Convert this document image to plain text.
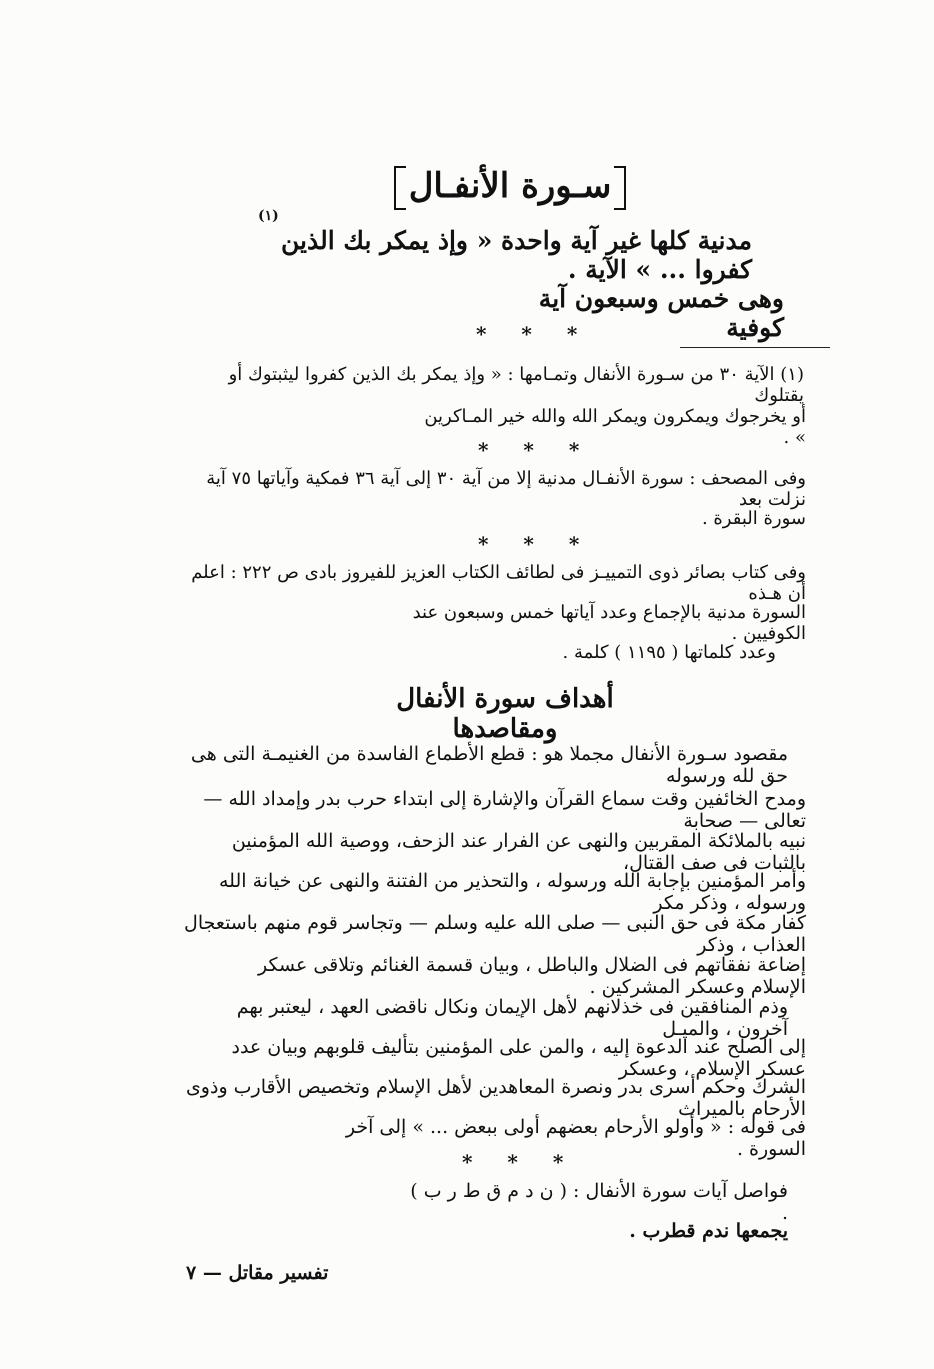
سـورة الأنفـال
(١)
مدنية كلها غير آية واحدة « وإذ يمكر بك الذين كفروا ... » الآية .
وهى خمس وسبعون آية كوفية
* * *
(١) الآية ٣٠ من سـورة الأنفال وتمـامها : « وإذ يمكر بك الذين كفروا ليثبتوك أو يقتلوك
أو يخرجوك ويمكرون ويمكر الله والله خير المـاكرين » .
* * *
وفى المصحف : سورة الأنفـال مدنية إلا من آية ٣٠ إلى آية ٣٦ فمكية وآياتها ٧٥ آية نزلت بعد
سورة البقرة .
* * *
وفى كتاب بصائر ذوى التمييـز فى لطائف الكتاب العزيز للفيروز بادى ص ٢٢٢ : اعلم أن هـذه
السورة مدنية بالإجماع وعدد آياتها خمس وسبعون عند الكوفيين .
وعدد كلماتها ( ١١٩٥ ) كلمة .
أهداف سورة الأنفال ومقاصدها
مقصود سـورة الأنفال مجملا هو : قطع الأطماع الفاسدة من الغنيمـة التى هى حق لله ورسوله
ومدح الخائفين وقت سماع القرآن والإشارة إلى ابتداء حرب بدر وإمداد الله — تعالى — صحابة
نبيه بالملائكة المقربين والنهى عن الفرار عند الزحف، ووصية الله المؤمنين بالثبات فى صف القتال،
وأمر المؤمنين بإجابة الله ورسوله ، والتحذير من الفتنة والنهى عن خيانة الله ورسوله ، وذكر مكر
كفار مكة فى حق النبى — صلى الله عليه وسلم — وتجاسر قوم منهم باستعجال العذاب ، وذكر
إضاعة نفقاتهم فى الضلال والباطل ، وبيان قسمة الغنائم وتلاقى عسكر الإسلام وعسكر المشركين .
وذم المنافقين فى خذلانهم لأهل الإيمان ونكال ناقضى العهد ، ليعتبر بهم آخرون ، والميـل
إلى الصلح عند الدعوة إليه ، والمن على المؤمنين بتأليف قلوبهم وبيان عدد عسكر الإسلام ، وعسكر
الشرك وحكم أسرى بدر ونصرة المعاهدين لأهل الإسلام وتخصيص الأقارب وذوى الأرحام بالميراث
فى قوله : « وأولو الأرحام بعضهم أولى ببعض ... » إلى آخر السورة .
* * *
فواصل آيات سورة الأنفال : ( ن د م ق ط ر ب ) .
يجمعها ندم قطرب .
تفسير مقاتل — ٧
